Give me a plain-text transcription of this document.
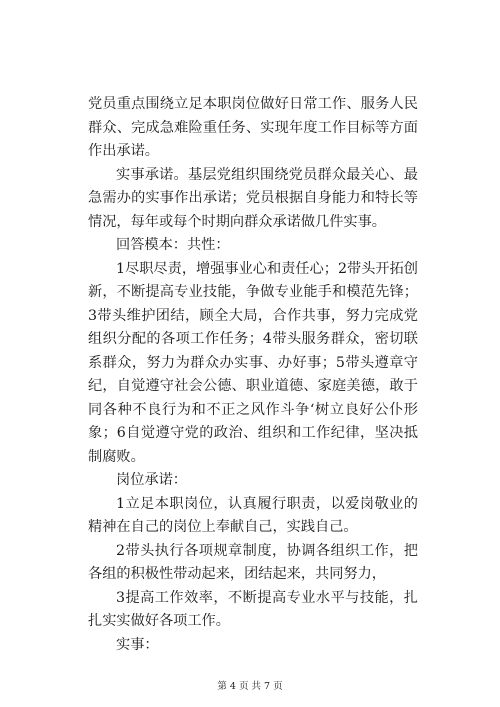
党员重点围绕立足本职岗位做好日常工作、服务人民群众、完成急难险重任务、实现年度工作目标等方面作出承诺。

实事承诺。基层党组织围绕党员群众最关心、最急需办的实事作出承诺；党员根据自身能力和特长等情况，每年或每个时期向群众承诺做几件实事。

回答模本：共性：

1尽职尽责，增强事业心和责任心；2带头开拓创新，不断提高专业技能，争做专业能手和模范先锋；3带头维护团结，顾全大局，合作共事，努力完成党组织分配的各项工作任务；4带头服务群众，密切联系群众，努力为群众办实事、办好事；5带头遵章守纪，自觉遵守社会公德、职业道德、家庭美德，敢于同各种不良行为和不正之风作斗争‘树立良好公仆形象；6自觉遵守党的政治、组织和工作纪律，坚决抵制腐败。

岗位承诺：

1立足本职岗位，认真履行职责，以爱岗敬业的精神在自己的岗位上奉献自己，实践自己。

2带头执行各项规章制度，协调各组织工作，把各组的积极性带动起来，团结起来，共同努力，

3提高工作效率，不断提高专业水平与技能，扎扎实实做好各项工作。

实事：

第 4 页 共 7 页
